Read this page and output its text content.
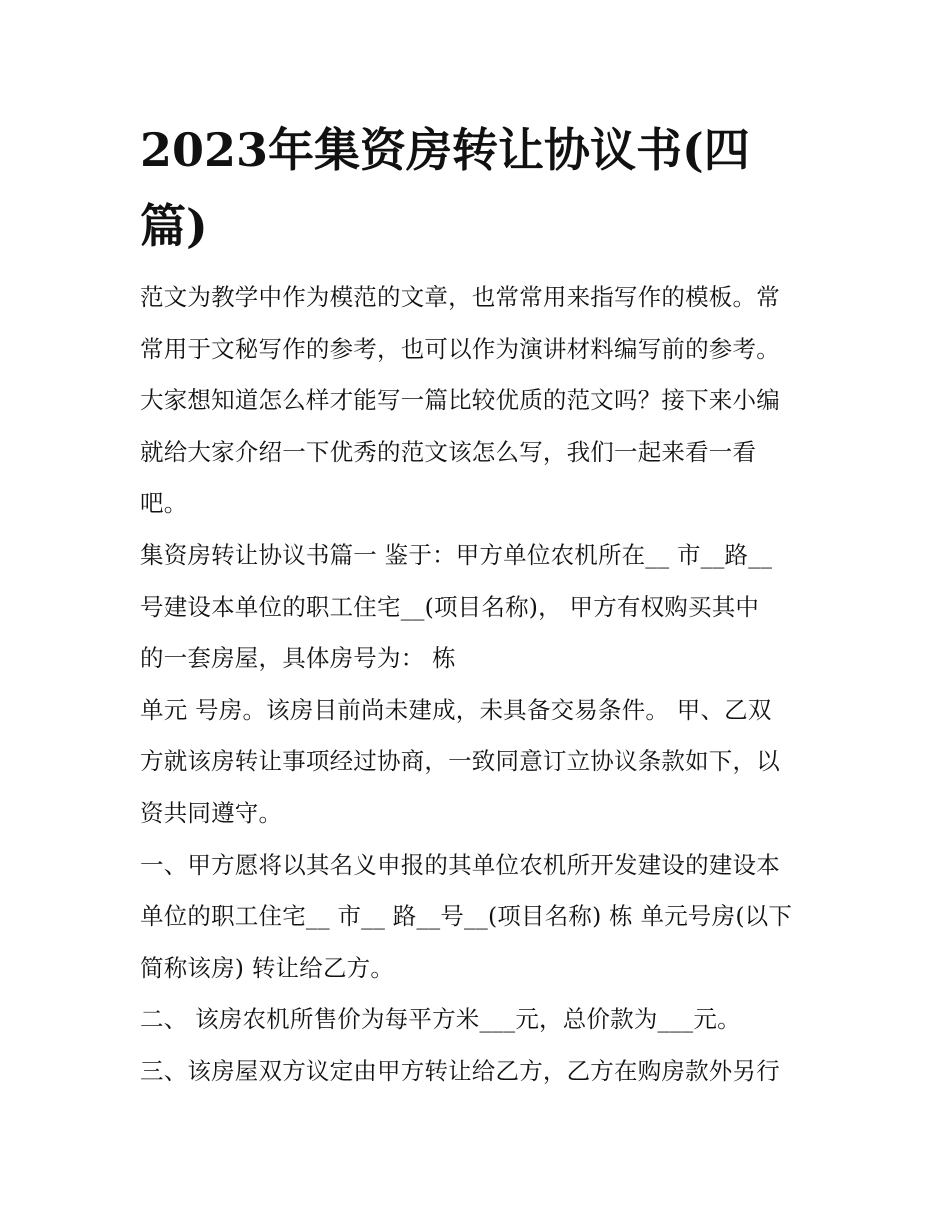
2023年集资房转让协议书(四
篇)
范文为教学中作为模范的文章，也常常用来指写作的模板。常
常用于文秘写作的参考，也可以作为演讲材料编写前的参考。
大家想知道怎么样才能写一篇比较优质的范文吗？接下来小编
就给大家介绍一下优秀的范文该怎么写，我们一起来看一看
吧。
集资房转让协议书篇一 鉴于：甲方单位农机所在__ 市__路__
号建设本单位的职工住宅__(项目名称)， 甲方有权购买其中
的一套房屋，具体房号为： 栋
单元 号房。该房目前尚未建成，未具备交易条件。 甲、乙双
方就该房转让事项经过协商，一致同意订立协议条款如下，以
资共同遵守。
一、甲方愿将以其名义申报的其单位农机所开发建设的建设本
单位的职工住宅__ 市__ 路__号__(项目名称) 栋 单元号房(以下
简称该房) 转让给乙方。
二、 该房农机所售价为每平方米___元，总价款为___元。
三、该房屋双方议定由甲方转让给乙方，乙方在购房款外另行
